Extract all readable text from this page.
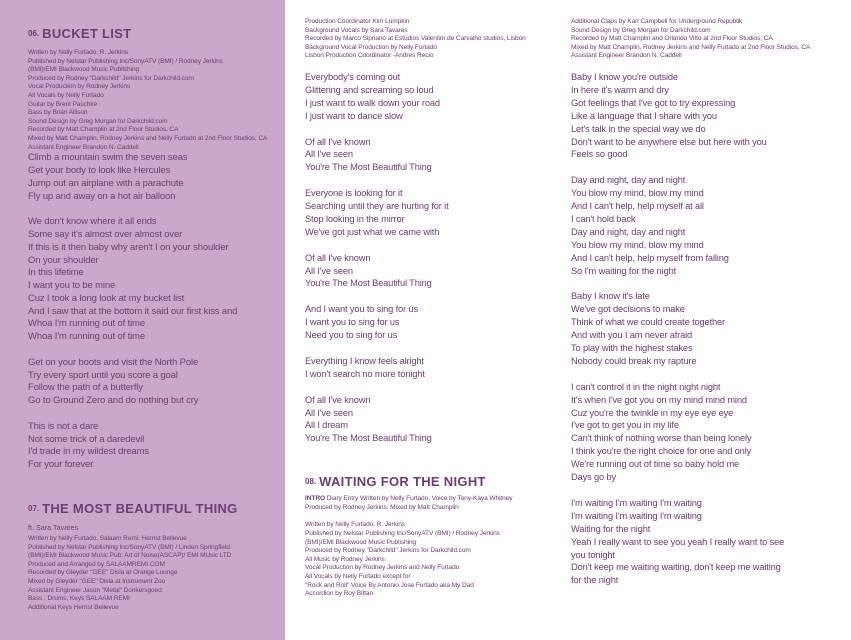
06. BUCKET LIST

Written by Nelly Furtado, R. Jerkins
Published by Nelstar Publishing Inc/SonyATV (BMI) / Rodney Jerkins
(BMI)/EMI Blackwood Music Publishing
Produced by Rodney "Darkchild" Jerkins for Darkchild.com
Vocal Production by Rodney Jerkins
All Vocals by Nelly Furtado
Guitar by Brent Paschke
Bass by Brian Allison
Sound Design by Greg Morgan for Darkchild.com
Recorded by Matt Champlin at 2nd Floor Studios, CA
Mixed by Matt Champlin, Rodney Jerkins and Nelly Furtado at 2nd Floor Studios, CA
Assistant Engineer Brandon N. Caddell

Climb a mountain swim the seven seas
Get your body to look like Hercules
Jump out an airplane with a parachute
Fly up and away on a hot air balloon

We don't know where it all ends
Some say it's almost over almost over
If this is it then baby why aren't I on your shoulder
On your shoulder
In this lifetime
I want you to be mine
Cuz I took a long look at my bucket list
And I saw that at the bottom it said our first kiss and
Whoa I'm running out of time
Whoa I'm running out of time

Get on your boots and visit the North Pole
Try every sport until you score a goal
Follow the path of a butterfly
Go to Ground Zero and do nothing but cry

This is not a dare
Not some trick of a daredevil
I'd trade in my wildest dreams
For your forever

07. THE MOST BEAUTIFUL THING

ft. Sara Tavares

Written by Nelly Furtado, Salaam Remi, Hernst Bellevue
Published by Nelstar Publishing Inc/SonyATV (BMI) / Linden Springfield
(BMI)/EMI Blackwood Music Pub; Art of Noise(ASCAP)/ EMI MUsic LTD
Produced and Arranged by SALAAMREMI.COM
Recorded by Gleyder "GEE" Disla at Orange Lounge
Mixed by Gleyder "GEE" Disla at Instrument Zoo
Assistant Engineer Jason "Metal" Donkersgoed
Bass , Drums, Keys SALAAM REMI
Additional Keys Hernst Bellevue

Production Coordinator Kim Lumpkin
Background Vocals by Sara Tavares
Recorded by Marco Sipriano at Estúdios Valentim de Carvalho studios, Lisbon
Background Vocal Production by Nelly Furtado
Lisbon Production Coordinator -Andres Recio

Everybody's coming out
Glittering and screaming so loud
I just want to walk down your road
I just want to dance slow

Of all I've known
All I've seen
You're The Most Beautiful Thing

Everyone is looking for it
Searching until they are hurting for it
Stop looking in the mirror
We've got just what we came with

Of all I've known
All I've seen
You're The Most Beautiful Thing

And I want you to sing for us
I want you to sing for us
Need you to sing for us

Everything I know feels alright
I won't search no more tonight

Of all I've known
All I've seen
All I dream
You're The Most Beautiful Thing

08. WAITING FOR THE NIGHT

INTRO Diary Entry Written by Nelly Furtado, Voice by Tony-Kaya Whitney
Produced by Rodney Jerkins, Mixed by Matt Champlin

Written by Nelly Furtado, R. Jerkins
Published by Nelstar Publishing Inc/SonyATV (BMI) / Rodney Jerkins
(BMI)/EMI Blackwood Music Publishing
Produced by Rodney "Darkchild" Jerkins for Darkchild.com
All Music by Rodney Jerkins
Vocal Production by Rodney Jerkins and Nelly Furtado
All Vocals by Nelly Furtado except for
"Rock and Roll" Voice By Antonio Jose Furtado aka My Dad
Accordion by Roy Bittan

Additional Claps by Karl Campbell for Underground Republik
Sound Design by Greg Morgan for Darkchild.com
Recorded by Matt Champlin and Orlando Vitto at 2nd Floor Studios, CA
Mixed by Matt Champlin, Rodney Jerkins and Nelly Furtado at 2nd Floor Studios, CA
Assistant Engineer Brandon N. Caddell

Baby I know you're outside
In here it's warm and dry
Got feelings that I've got to try expressing
Like a language that I share with you
Let's talk in the special way we do
Don't want to be anywhere else but here with you
Feels so good

Day and night, day and night
You blow my mind, blow my mind
And I can't help, help myself at all
I can't hold back
Day and night, day and night
You blow my mind, blow my mind
And I can't help, help myself from falling
So I'm waiting for the night

Baby I know it's late
We've got decisions to make
Think of what we could create together
And with you I am never afraid
To play with the highest stakes
Nobody could break my rapture

I can't control it in the night night night
It's when I've got you on my mind mind mind
Cuz you're the twinkle in my eye eye eye
I've got to get you in my life
Can't think of nothing worse than being lonely
I think you're the right choice for one and only
We're running out of time so baby hold me
Days go by

I'm waiting I'm waiting I'm waiting
I'm waiting I'm waiting I'm waiting
Waiting for the night
Yeah I really want to see you yeah I really want to see
you tonight
Don't keep me waiting waiting, don't keep me waiting
for the night
